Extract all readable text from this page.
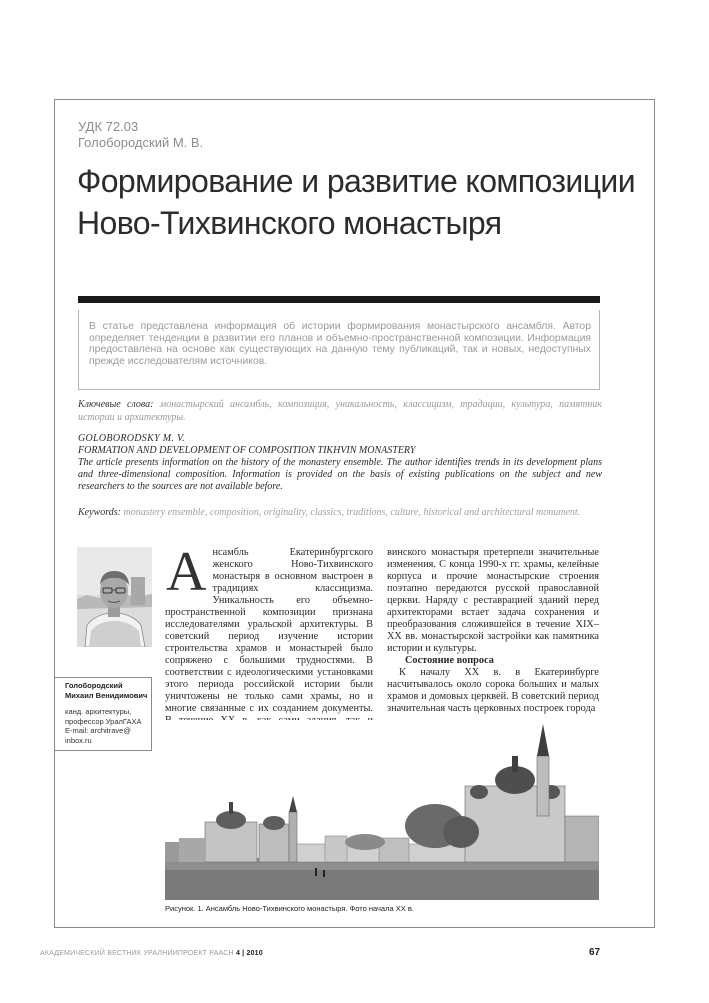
УДК 72.03
Голобородский М. В.
Формирование и развитие композиции Ново-Тихвинского монастыря

В статье представлена информация об истории формирования монастырского ансамбля. Автор определяет тенденции в развитии его планов и объемно-пространственной композиции. Информация предоставлена на основе как существующих на данную тему публикаций, так и новых, недоступных прежде исследователям источников.

Ключевые слова: монастырский ансамбль, композиция, уникальность, классицизм, традиции, культура, памятник истории и архитектуры.

GOLOBORODSKY M. V.
FORMATION AND DEVELOPMENT OF COMPOSITION TIKHVIN MONASTERY
The article presents information on the history of the monastery ensemble. The author identifies trends in its development plans and three-dimensional composition. Information is provided on the basis of existing publications on the subject and new researchers to the sources are not available before.

Keywords: monastery ensemble, composition, originality, classics, traditions, culture, historical and architectural monument.

Голобородский Михаил Венидимович
канд. архитектуры, профессор УралГАХА E-mail: architrave@ inbox.ru
А нсамбль Екатеринбургского женского Ново-Тихвинского монастыря в основном выстроен в традициях классицизма. Уникальность его объемно-пространственной композиции признана исследователями уральской архитектуры. В советский период изучение истории строительства храмов и монастырей было сопряжено с большими трудностями. В соответствии с идеологическими установками этого периода российской истории были уничтожены не только сами храмы, но и многие связанные с их созданием документы.
винского монастыря претерпели значительные изменения. С конца 1990-х гг. храмы, келейные корпуса и прочие монастырские строения поэтапно передаются русской православной церкви. Наряду с реставрацией зданий перед архитекторами встает задача сохранения и преобразования сложившейся в течение XIX–XX вв. монастырской застройки как памятника истории и культуры.
Состояние вопроса
К началу XX в. в Екатеринбурге насчитывалось около сорока больших и малых храмов и домовых церквей. В советский период значительная часть церковных построек города
Рисунок. 1. Ансамбль Ново-Тихвинского монастыря. Фото начала XX в.
АКАДЕМИЧЕСКИЙ ВЕСТНИК УРАЛНИИПРОЕКТ РААСН 4 | 2010	67
